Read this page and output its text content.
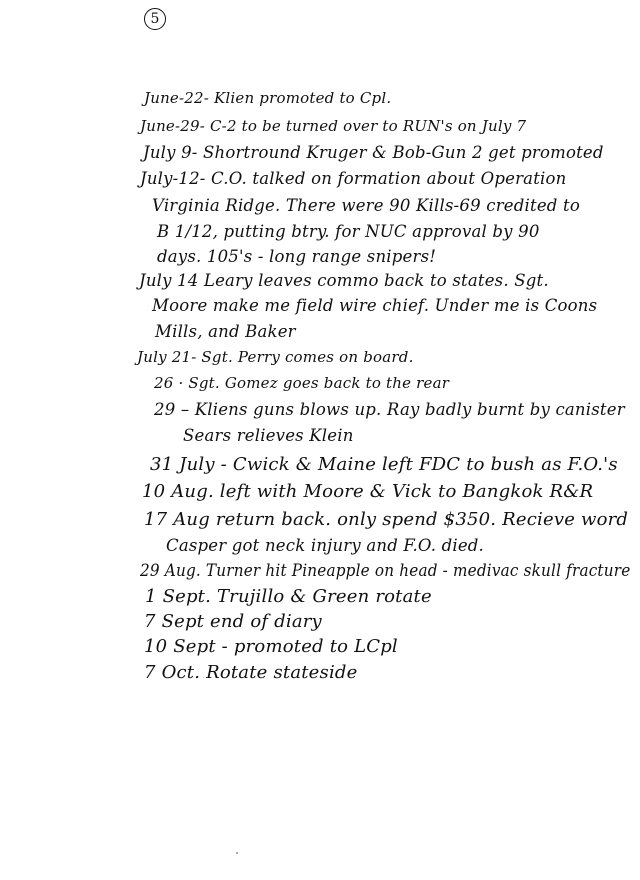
5
June-22- Klien promoted to Cpl.
June-29- C-2 to be turned over to RUN's on July 7
July 9- Shortround Kruger & Bob-Gun 2 get promoted
July-12- C.O. talked on formation about Operation
Virginia Ridge. There were 90 Kills-69 credited to
B 1/12, putting btry. for NUC approval by 90
days. 105's - long range snipers!
July 14 Leary leaves commo back to states. Sgt.
Moore make me field wire chief. Under me is Coons
Mills, and Baker
July 21- Sgt. Perry comes on board.
26 · Sgt. Gomez goes back to the rear
29 – Kliens guns blows up. Ray badly burnt by canister
Sears relieves Klein
31 July - Cwick & Maine left FDC to bush as F.O.'s
10 Aug. left with Moore & Vick to Bangkok R&R
17 Aug return back. only spend $350. Recieve word
Casper got neck injury and F.O. died.
29 Aug. Turner hit Pineapple on head - medivac skull fracture
1 Sept. Trujillo & Green rotate
7 Sept end of diary
10 Sept - promoted to LCpl
7 Oct. Rotate stateside
